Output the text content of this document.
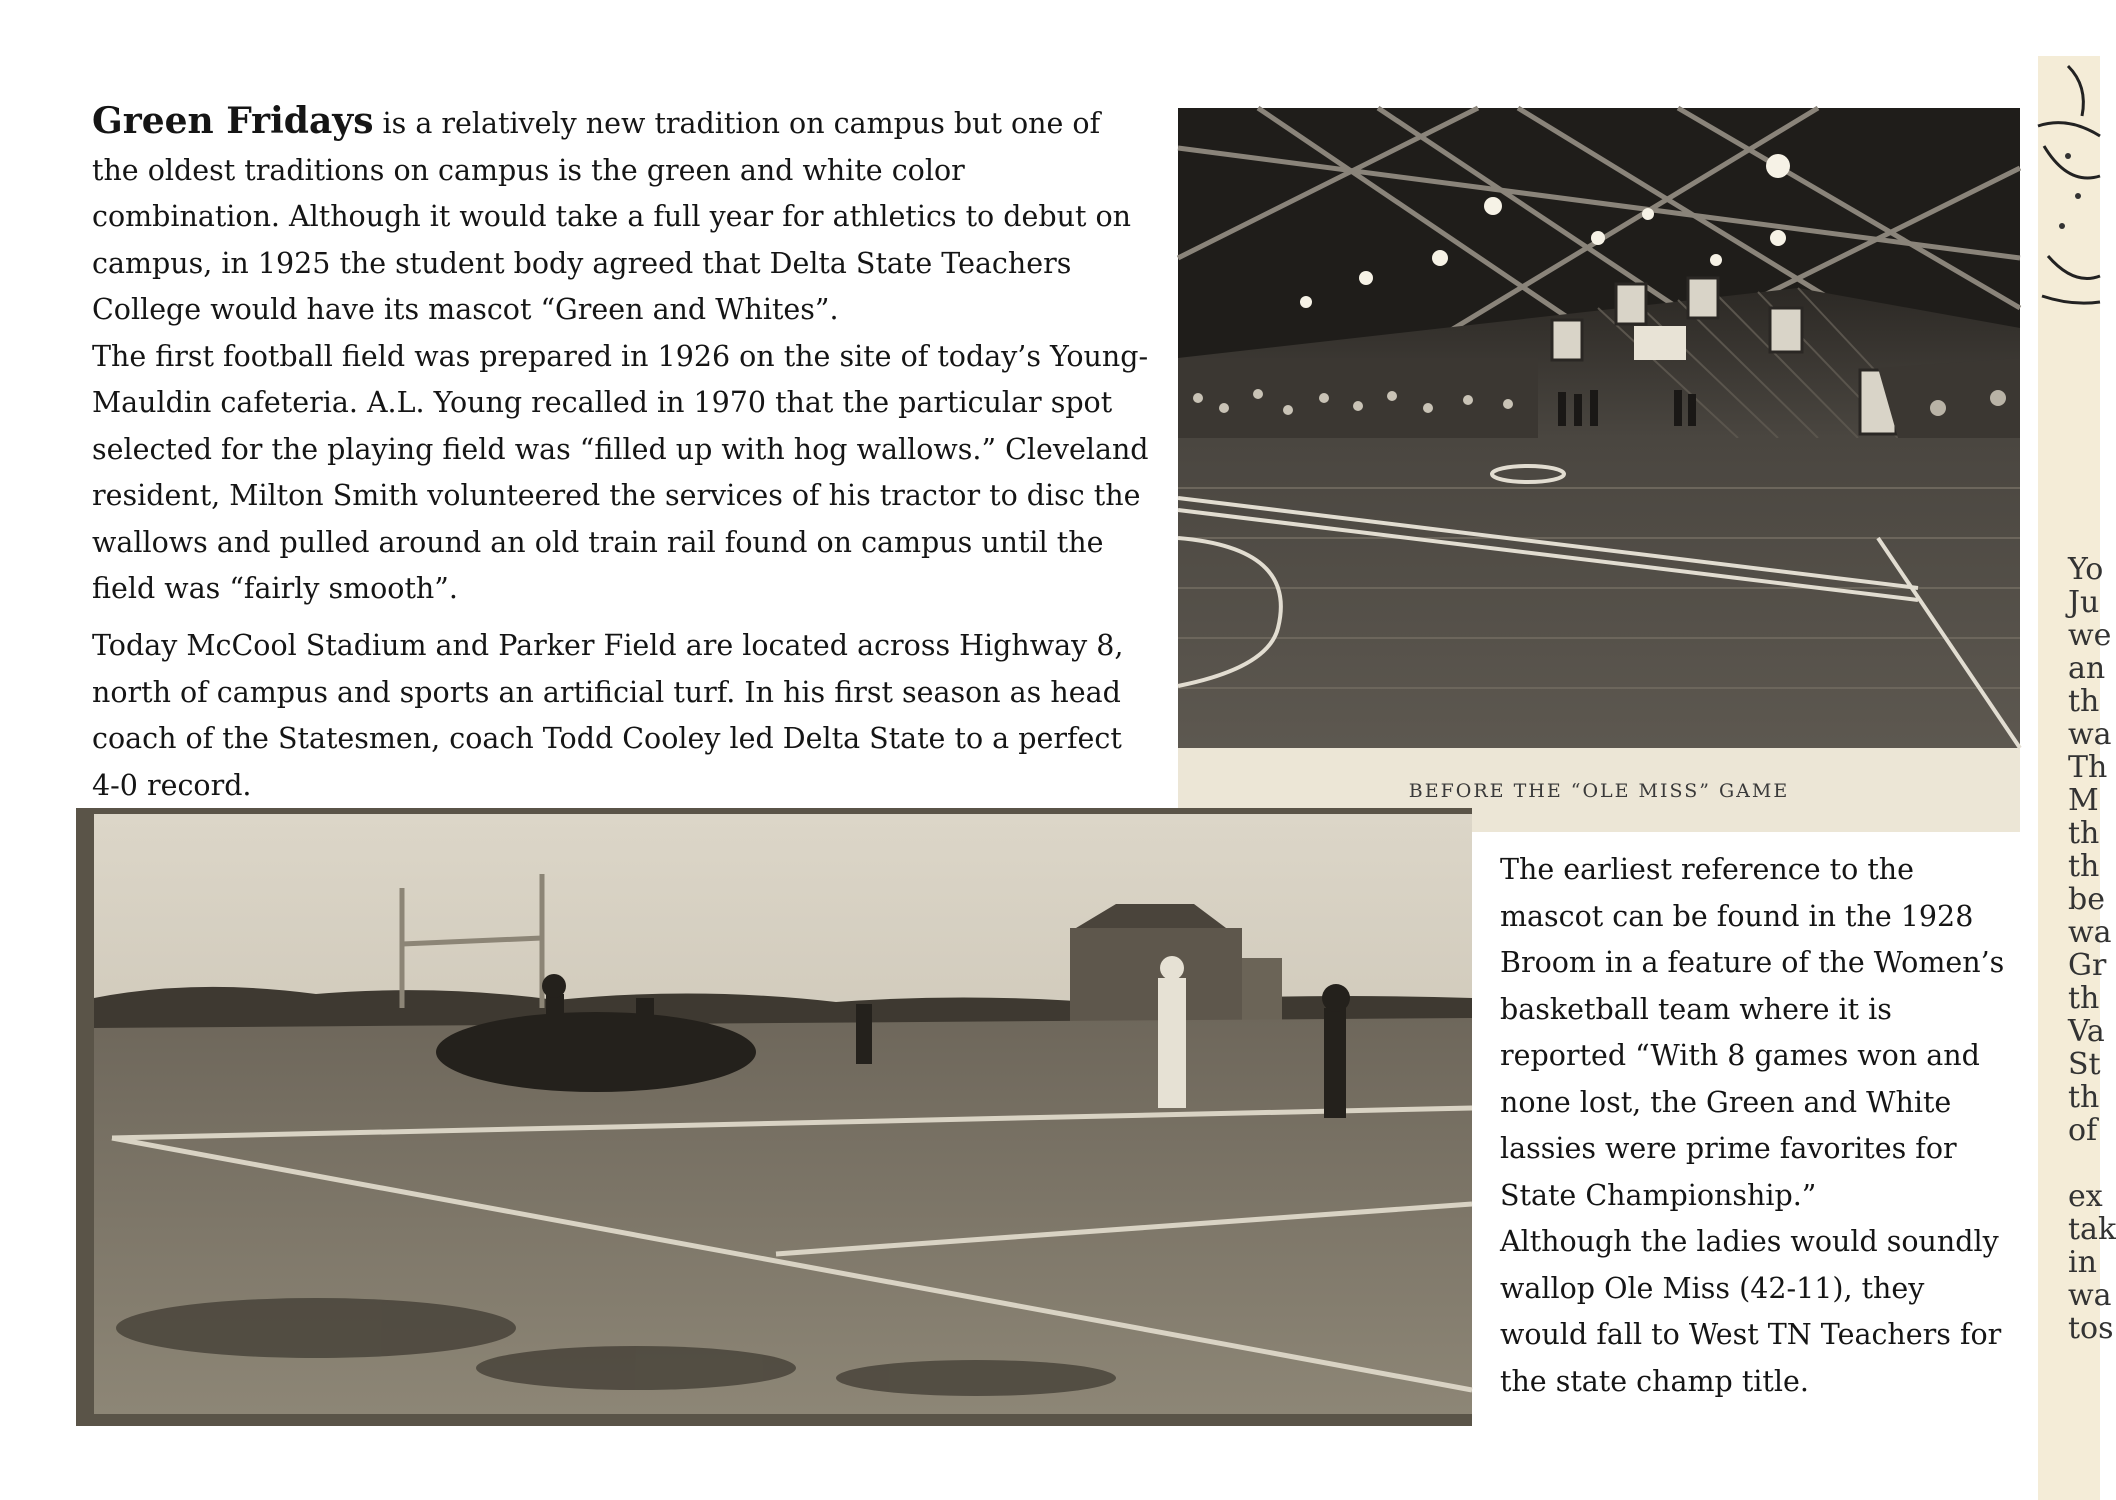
Green Fridays is a relatively new tradition on campus but one of the oldest traditions on campus is the green and white color combination. Although it would take a full year for athletics to debut on campus, in 1925 the student body agreed that Delta State Teachers College would have its mascot “Green and Whites”.

The first football field was prepared in 1926 on the site of today’s Young-Mauldin cafeteria. A.L. Young recalled in 1970 that the particular spot selected for the playing field was “filled up with hog wallows.” Cleveland resident, Milton Smith volunteered the services of his tractor to disc the wallows and pulled around an old train rail found on campus until the field was “fairly smooth”.

Today McCool Stadium and Parker Field are located across Highway 8, north of campus and sports an artificial turf. In his first season as head coach of the Statesmen, coach Todd Cooley led Delta State to a perfect 4-0 record.	BEFORE THE “OLE MISS” GAME

The earliest reference to the mascot can be found in the 1928 Broom in a feature of the Women’s basketball team where it is reported “With 8 games won and none lost, the Green and White lassies were prime favorites for State Championship.”

Although the ladies would soundly wallop Ole Miss (42-11), they would fall to West TN Teachers for the state champ title.

Yo
Ju
we
an
th
wa
Th
M
th
th
be
wa
Gr
th
Va
St
th
of
ex
tak
in
wa
tos
